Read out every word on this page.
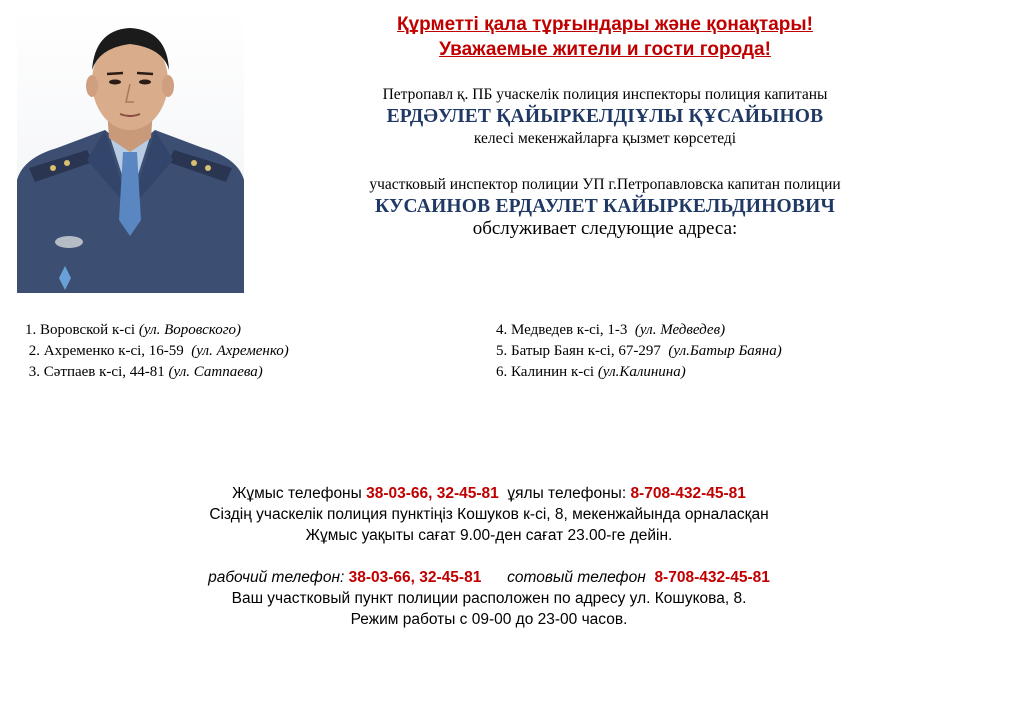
Құрметті қала тұрғындары және қонақтары!
Уважаемые жители и гости города!
Петропавл қ. ПБ учаскелік полиция инспекторы полиция капитаны
ЕРДӘУЛЕТ ҚАЙЫРКЕЛДІҰЛЫ ҚҰСАЙЫНОВ
келесі мекенжайларға қызмет көрсетеді
участковый инспектор полиции УП г.Петропавловска капитан полиции
КУСАИНОВ ЕРДАУЛЕТ КАЙЫРКЕЛЬДИНОВИЧ
обслуживает следующие адреса:
1. Воровской к-сі (ул. Воровского)
2. Ахременко к-сі, 16-59  (ул. Ахременко)
3. Сәтпаев к-сі, 44-81 (ул. Сатпаева)
4. Медведев к-сі, 1-3  (ул. Медведев)
5. Батыр Баян к-сі, 67-297  (ул.Батыр Баяна)
6. Калинин к-сі (ул.Калинина)
Жұмыс телефоны 38-03-66, 32-45-81  ұялы телефоны: 8-708-432-45-81
Сіздің учаскелік полиция пунктіңіз Кошуков к-сі, 8, мекенжайында орналасқан
Жұмыс уақыты сағат 9.00-ден сағат 23.00-ге дейін.
рабочий телефон: 38-03-66, 32-45-81      сотовый телефон  8-708-432-45-81
Ваш участковый пункт полиции расположен по адресу ул. Кошукова, 8.
Режим работы с 09-00 до 23-00 часов.
